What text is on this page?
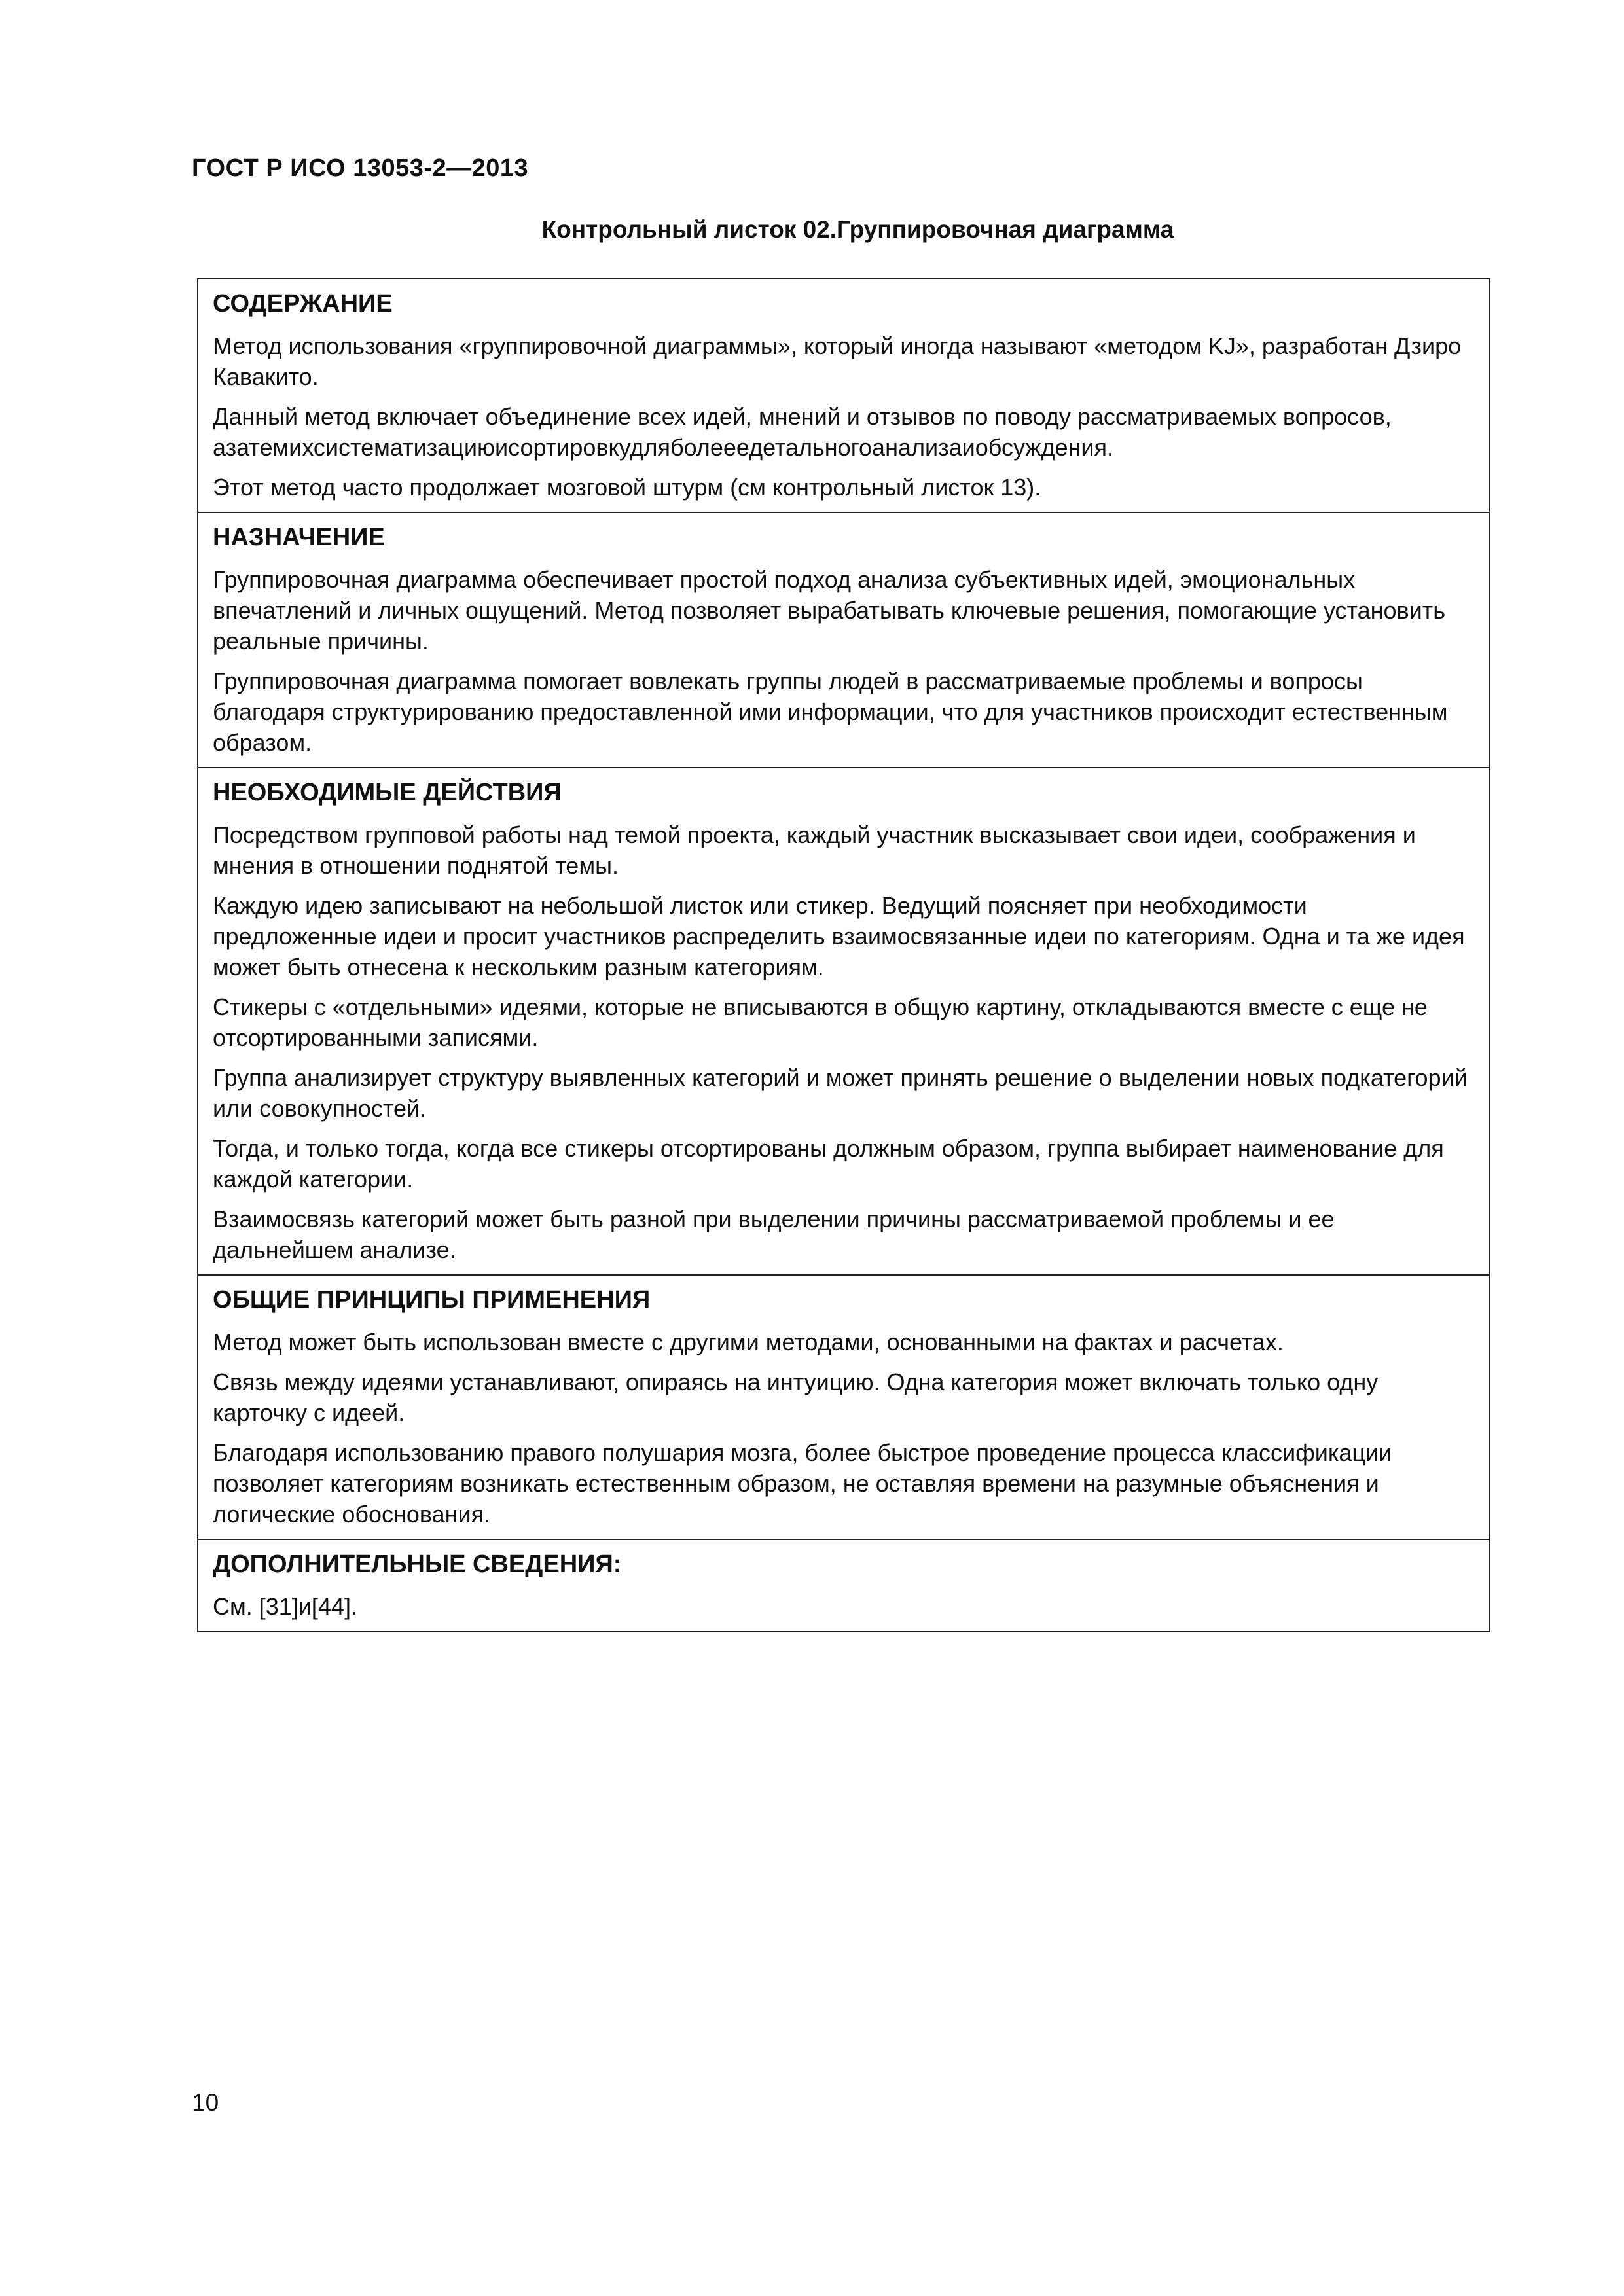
ГОСТ Р ИСО 13053-2—2013
Контрольный листок 02.Группировочная диаграмма
СОДЕРЖАНИЕ

Метод использования «группировочной диаграммы», который иногда называют «методом KJ», разработан Дзиро Кавакито.

Данный метод включает объединение всех идей, мнений и отзывов по поводу рассматриваемых вопросов, азатемихсистематизациюисортировкудляболееедетальногоанализаиобсуждения.

Этот метод часто продолжает мозговой штурм (см контрольный листок 13).

НАЗНАЧЕНИЕ

Группировочная диаграмма обеспечивает простой подход анализа субъективных идей, эмоциональных впечатлений и личных ощущений. Метод позволяет вырабатывать ключевые решения, помогающие установить реальные причины.

Группировочная диаграмма помогает вовлекать группы людей в рассматриваемые проблемы и вопросы благодаря структурированию предоставленной ими информации, что для участников происходит естественным образом.

НЕОБХОДИМЫЕ ДЕЙСТВИЯ

Посредством групповой работы над темой проекта, каждый участник высказывает свои идеи, соображения и мнения в отношении поднятой темы.

Каждую идею записывают на небольшой листок или стикер. Ведущий поясняет при необходимости предложенные идеи и просит участников распределить взаимосвязанные идеи по категориям. Одна и та же идея может быть отнесена к нескольким разным категориям.

Стикеры с «отдельными» идеями, которые не вписываются в общую картину, откладываются вместе с еще не отсортированными записями.

Группа анализирует структуру выявленных категорий и может принять решение о выделении новых подкатегорий или совокупностей.

Тогда, и только тогда, когда все стикеры отсортированы должным образом, группа выбирает наименование для каждой категории.

Взаимосвязь категорий может быть разной при выделении причины рассматриваемой проблемы и ее дальнейшем анализе.

ОБЩИЕ ПРИНЦИПЫ ПРИМЕНЕНИЯ

Метод может быть использован вместе с другими методами, основанными на фактах и расчетах.

Связь между идеями устанавливают, опираясь на интуицию. Одна категория может включать только одну карточку с идеей.

Благодаря использованию правого полушария мозга, более быстрое проведение процесса классификации позволяет категориям возникать естественным образом, не оставляя времени на разумные объяснения и логические обоснования.

ДОПОЛНИТЕЛЬНЫЕ СВЕДЕНИЯ:

См. [31]и[44].

10
